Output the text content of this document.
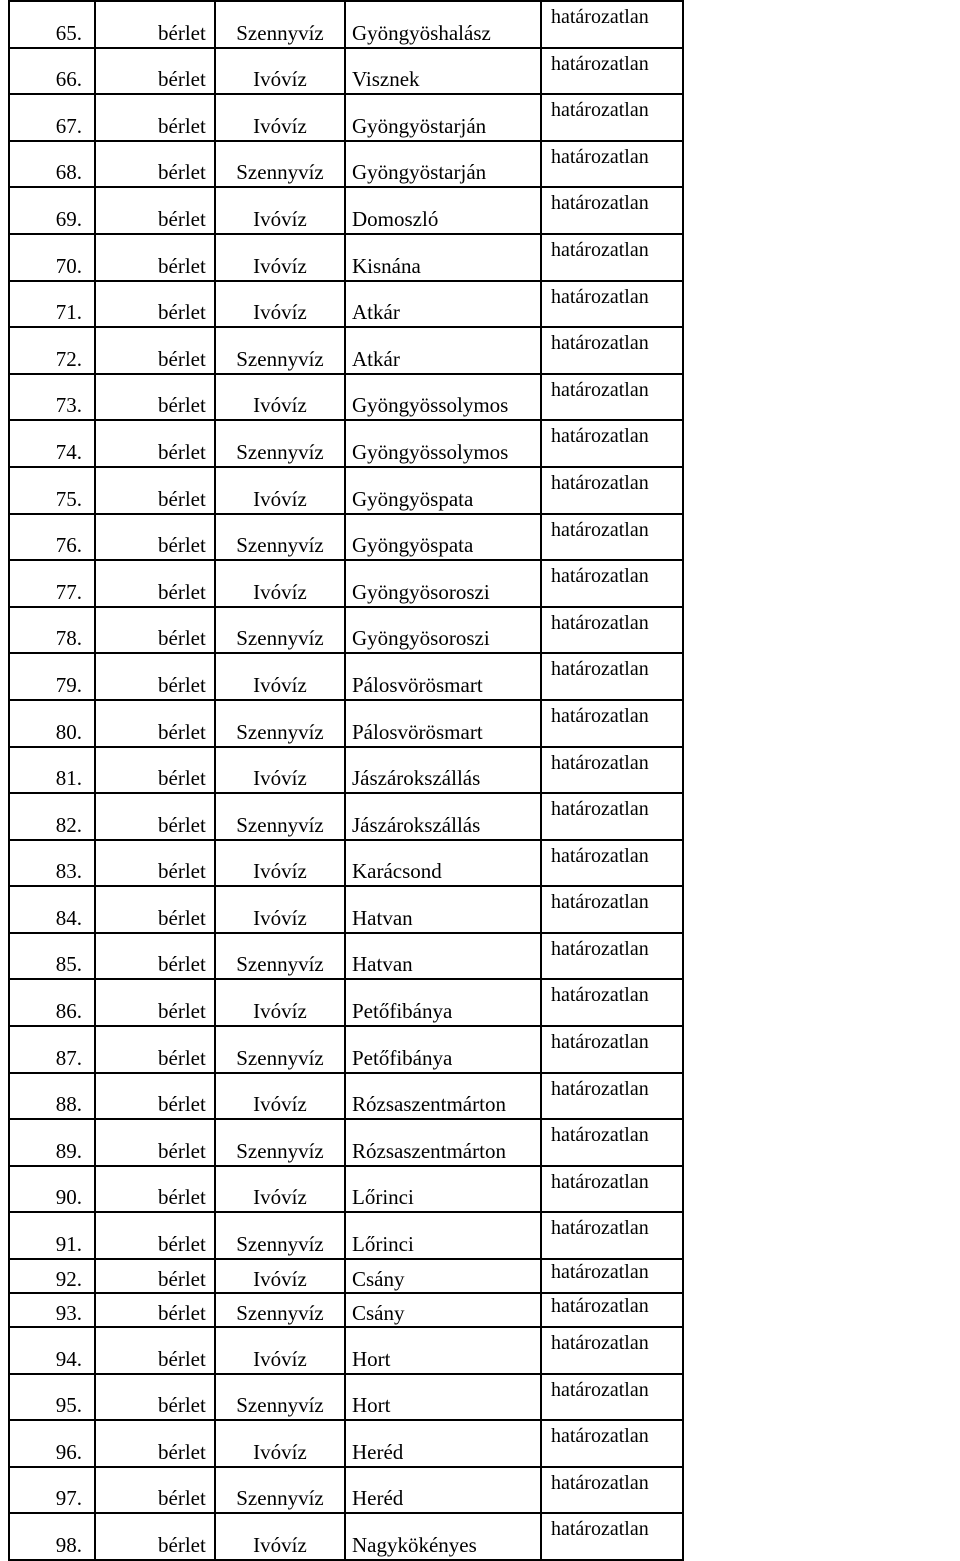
65.	bérlet	Szennyvíz	Gyöngyöshalász	határozatlan
66.	bérlet	Ivóvíz	Visznek	határozatlan
67.	bérlet	Ivóvíz	Gyöngyöstarján	határozatlan
68.	bérlet	Szennyvíz	Gyöngyöstarján	határozatlan
69.	bérlet	Ivóvíz	Domoszló	határozatlan
70.	bérlet	Ivóvíz	Kisnána	határozatlan
71.	bérlet	Ivóvíz	Atkár	határozatlan
72.	bérlet	Szennyvíz	Atkár	határozatlan
73.	bérlet	Ivóvíz	Gyöngyössolymos	határozatlan
74.	bérlet	Szennyvíz	Gyöngyössolymos	határozatlan
75.	bérlet	Ivóvíz	Gyöngyöspata	határozatlan
76.	bérlet	Szennyvíz	Gyöngyöspata	határozatlan
77.	bérlet	Ivóvíz	Gyöngyösoroszi	határozatlan
78.	bérlet	Szennyvíz	Gyöngyösoroszi	határozatlan
79.	bérlet	Ivóvíz	Pálosvörösmart	határozatlan
80.	bérlet	Szennyvíz	Pálosvörösmart	határozatlan
81.	bérlet	Ivóvíz	Jászárokszállás	határozatlan
82.	bérlet	Szennyvíz	Jászárokszállás	határozatlan
83.	bérlet	Ivóvíz	Karácsond	határozatlan
84.	bérlet	Ivóvíz	Hatvan	határozatlan
85.	bérlet	Szennyvíz	Hatvan	határozatlan
86.	bérlet	Ivóvíz	Petőfibánya	határozatlan
87.	bérlet	Szennyvíz	Petőfibánya	határozatlan
88.	bérlet	Ivóvíz	Rózsaszentmárton	határozatlan
89.	bérlet	Szennyvíz	Rózsaszentmárton	határozatlan
90.	bérlet	Ivóvíz	Lőrinci	határozatlan
91.	bérlet	Szennyvíz	Lőrinci	határozatlan
92.	bérlet	Ivóvíz	Csány	határozatlan
93.	bérlet	Szennyvíz	Csány	határozatlan
94.	bérlet	Ivóvíz	Hort	határozatlan
95.	bérlet	Szennyvíz	Hort	határozatlan
96.	bérlet	Ivóvíz	Heréd	határozatlan
97.	bérlet	Szennyvíz	Heréd	határozatlan
98.	bérlet	Ivóvíz	Nagykökényes	határozatlan
